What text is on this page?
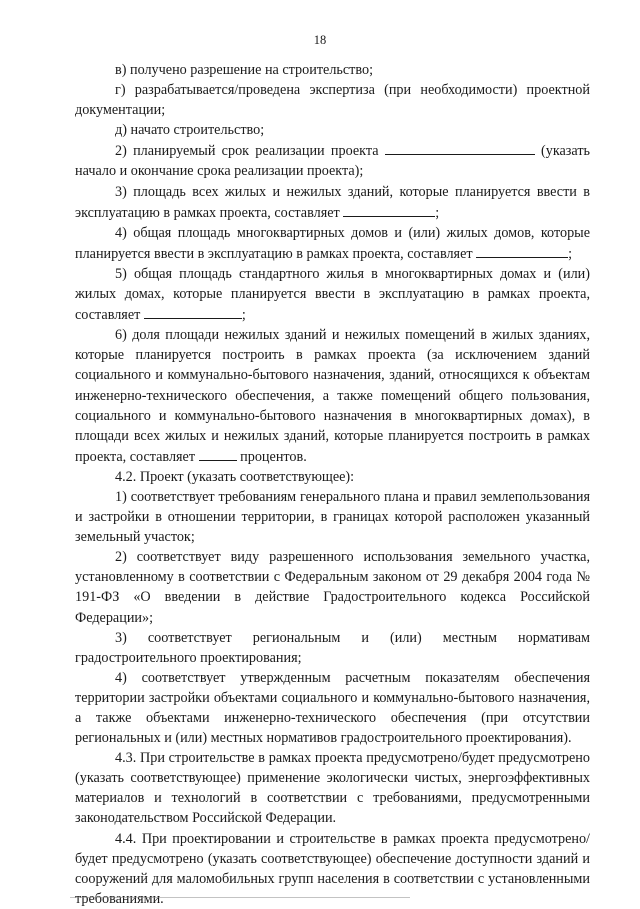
18

в) получено разрешение на строительство;

г) разрабатывается/проведена экспертиза (при необходимости) проектной документации;

д) начато строительство;

2) планируемый срок реализации проекта	(указать начало и окончание срока реализации проекта);

3) площадь всех жилых и нежилых зданий, которые планируется ввести в эксплуатацию в рамках проекта, составляет	;

4) общая площадь многоквартирных домов и (или) жилых домов, которые планируется ввести в эксплуатацию в рамках проекта, составляет	;

5) общая площадь стандартного жилья в многоквартирных домах и (или) жилых домах, которые планируется ввести в эксплуатацию в рамках проекта, составляет	;

6) доля площади нежилых зданий и нежилых помещений в жилых зданиях, которые планируется построить в рамках проекта (за исключением зданий социального и коммунально-бытового назначения, зданий, относящихся к объектам инженерно-технического обеспечения, а также помещений общего пользования, социального и коммунально-бытового назначения в многоквартирных домах), в площади всех жилых и нежилых зданий, которые планируется построить в рамках проекта, составляет	процентов.

4.2. Проект (указать соответствующее):

1) соответствует требованиям генерального плана и правил землепользования и застройки в отношении территории, в границах которой расположен указанный земельный участок;

2) соответствует виду разрешенного использования земельного участка, установленному в соответствии с Федеральным законом от 29 декабря 2004 года № 191-ФЗ «О введении в действие Градостроительного кодекса Российской Федерации»;

3) соответствует региональным и (или) местным нормативам градостроительного проектирования;

4) соответствует утвержденным расчетным показателям обеспечения территории застройки объектами социального и коммунально-бытового назначения, а также объектами инженерно-технического обеспечения (при отсутствии региональных и (или) местных нормативов градостроительного проектирования).

4.3. При строительстве в рамках проекта предусмотрено/будет предусмотрено (указать соответствующее) применение экологически чистых, энергоэффективных материалов и технологий в соответствии с требованиями, предусмотренными законодательством Российской Федерации.

4.4. При проектировании и строительстве в рамках проекта предусмотрено/будет предусмотрено (указать соответствующее) обеспечение доступности зданий и сооружений для маломобильных групп населения в соответствии с установленными требованиями.
